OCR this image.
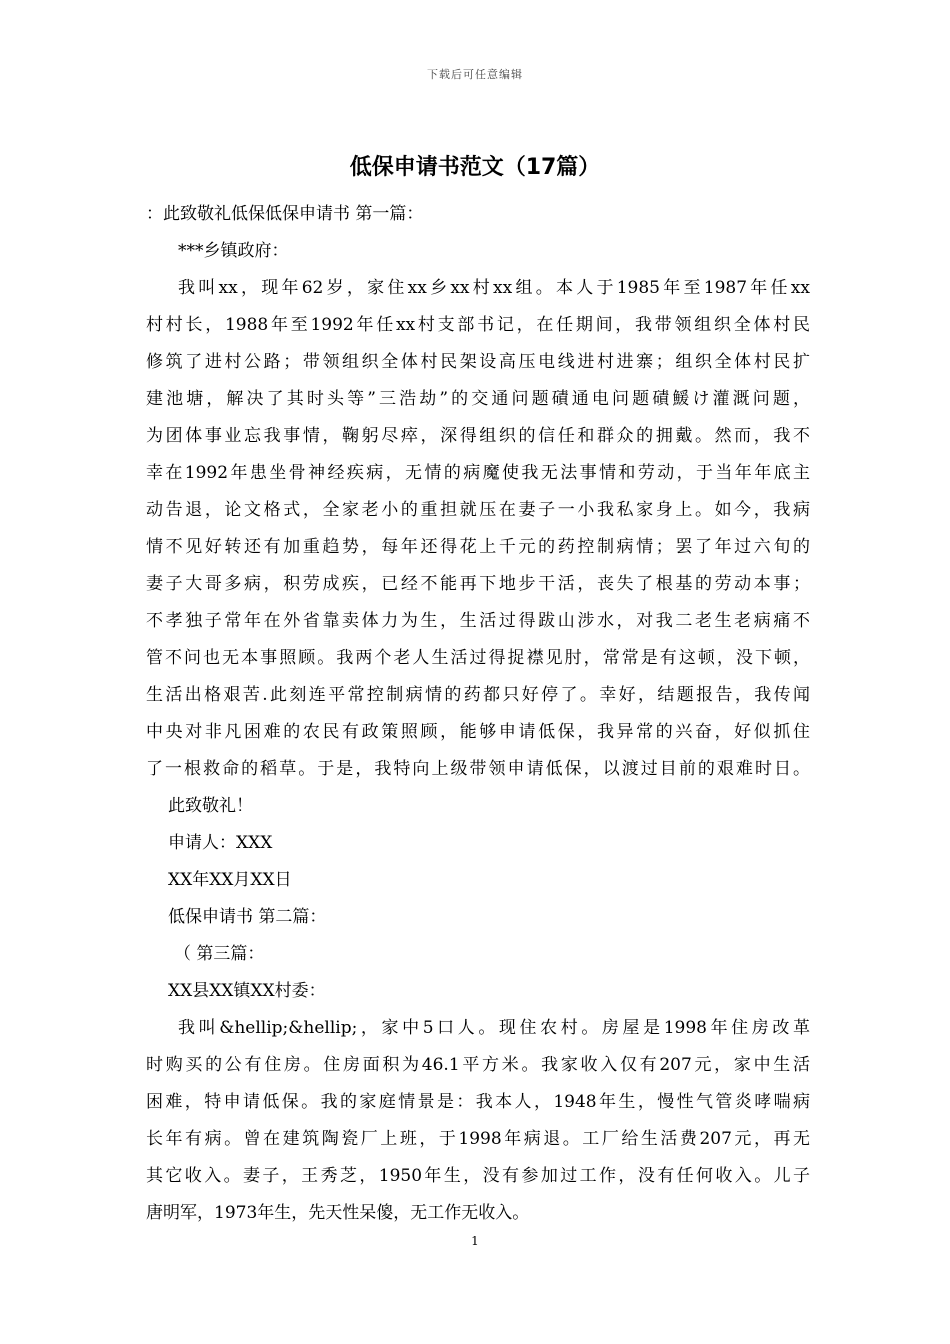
下载后可任意编辑
低保申请书范文（17篇）
：此致敬礼低保低保申请书 第一篇：
***乡镇政府：
我叫xx，现年62岁，家住xx乡xx村xx组。本人于1985年至1987年任xx
村村长，1988年至1992年任xx村支部书记，在任期间，我带领组织全体村民
修筑了进村公路；带领组织全体村民架设高压电线进村进寨；组织全体村民扩
建池塘，解决了其时头等”三浩劫”的交通问题磧通电问题磧鰀け灌溉问题，
为团体事业忘我事情，鞠躬尽瘁，深得组织的信任和群众的拥戴。然而，我不
幸在1992年患坐骨神经疾病，无情的病魔使我无法事情和劳动，于当年年底主
动告退，论文格式，全家老小的重担就压在妻子一小我私家身上。如今，我病
情不见好转还有加重趋势，每年还得花上千元的药控制病情；罢了年过六旬的
妻子大哥多病，积劳成疾，已经不能再下地步干活，丧失了根基的劳动本事；
不孝独子常年在外省靠卖体力为生，生活过得跋山涉水，对我二老生老病痛不
管不问也无本事照顾。我两个老人生活过得捉襟见肘，常常是有这顿，没下顿，
生活出格艰苦.此刻连平常控制病情的药都只好停了。幸好，结题报告，我传闻
中央对非凡困难的农民有政策照顾，能够申请低保，我异常的兴奋，好似抓住
了一根救命的稻草。于是，我特向上级带领申请低保，以渡过目前的艰难时日。
此致敬礼！
申请人：XXX
XX年XX月XX日
低保申请书 第二篇：
（ 第三篇：
XX县XX镇XX村委：
我叫&hellip;&hellip;，家中5口人。现住农村。房屋是1998年住房改革
时购买的公有住房。住房面积为46.1平方米。我家收入仅有207元，家中生活
困难，特申请低保。我的家庭情景是：我本人，1948年生，慢性气管炎哮喘病
长年有病。曾在建筑陶瓷厂上班，于1998年病退。工厂给生活费207元，再无
其它收入。妻子，王秀芝，1950年生，没有参加过工作，没有任何收入。儿子
唐明军，1973年生，先天性呆傻，无工作无收入。
1
